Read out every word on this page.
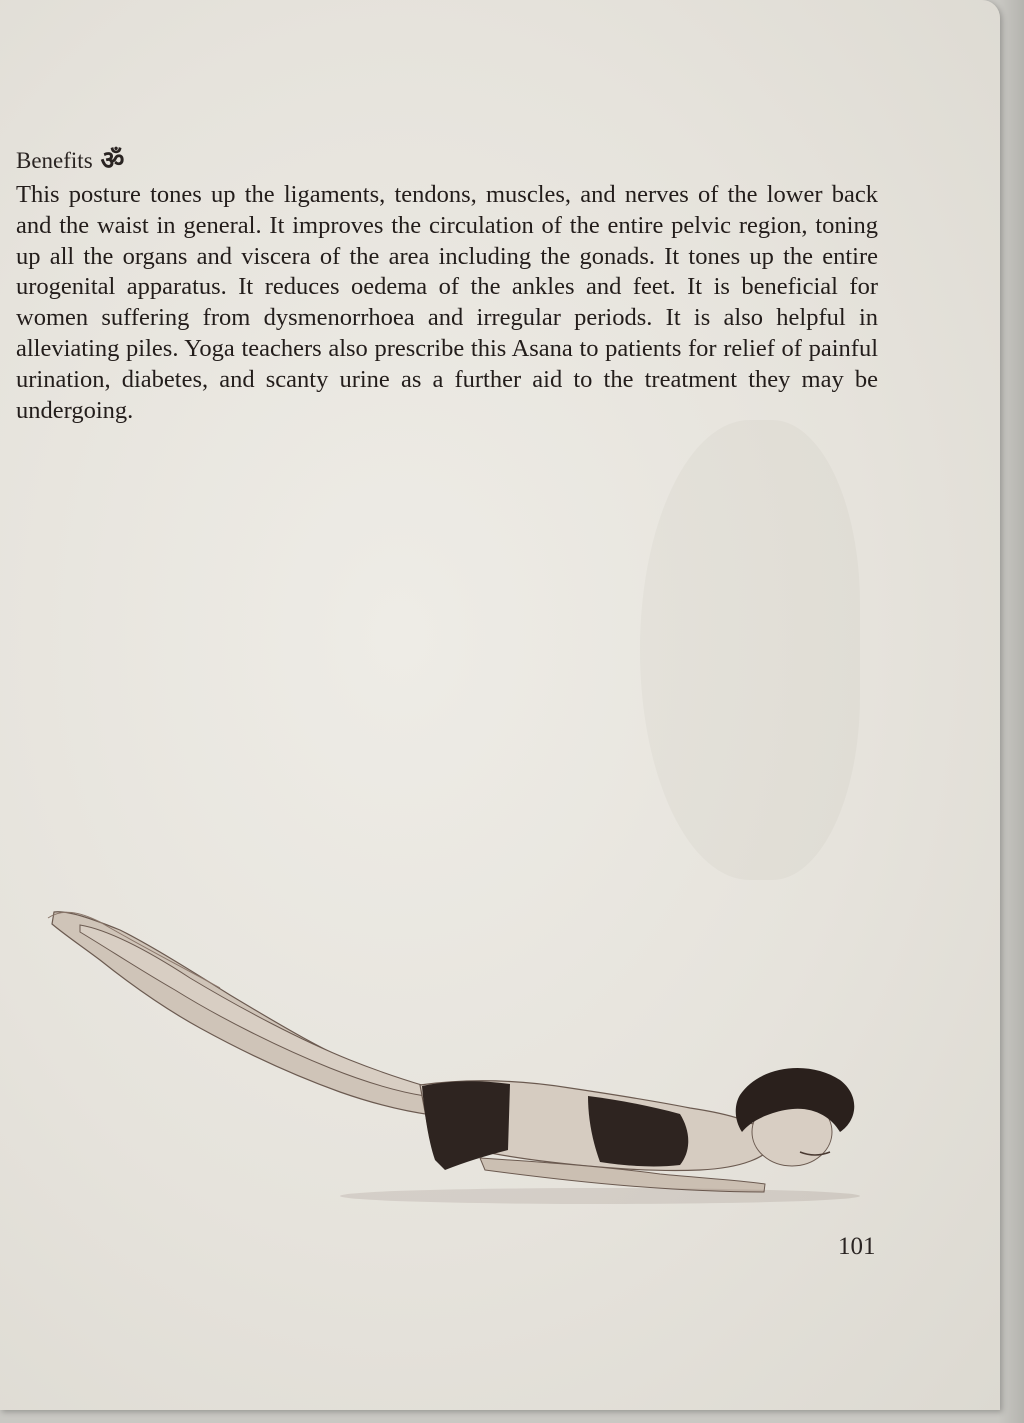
Benefits ॐ

This posture tones up the ligaments, tendons, muscles, and nerves of the lower back and the waist in general. It improves the circulation of the entire pelvic region, toning up all the organs and viscera of the area including the gonads. It tones up the entire urogenital apparatus. It reduces oedema of the ankles and feet. It is beneficial for women suffering from dysmenorrhoea and irregular periods. It is also helpful in alleviating piles. Yoga teachers also prescribe this Asana to patients for relief of painful urination, diabetes, and scanty urine as a further aid to the treatment they may be undergoing.

101
